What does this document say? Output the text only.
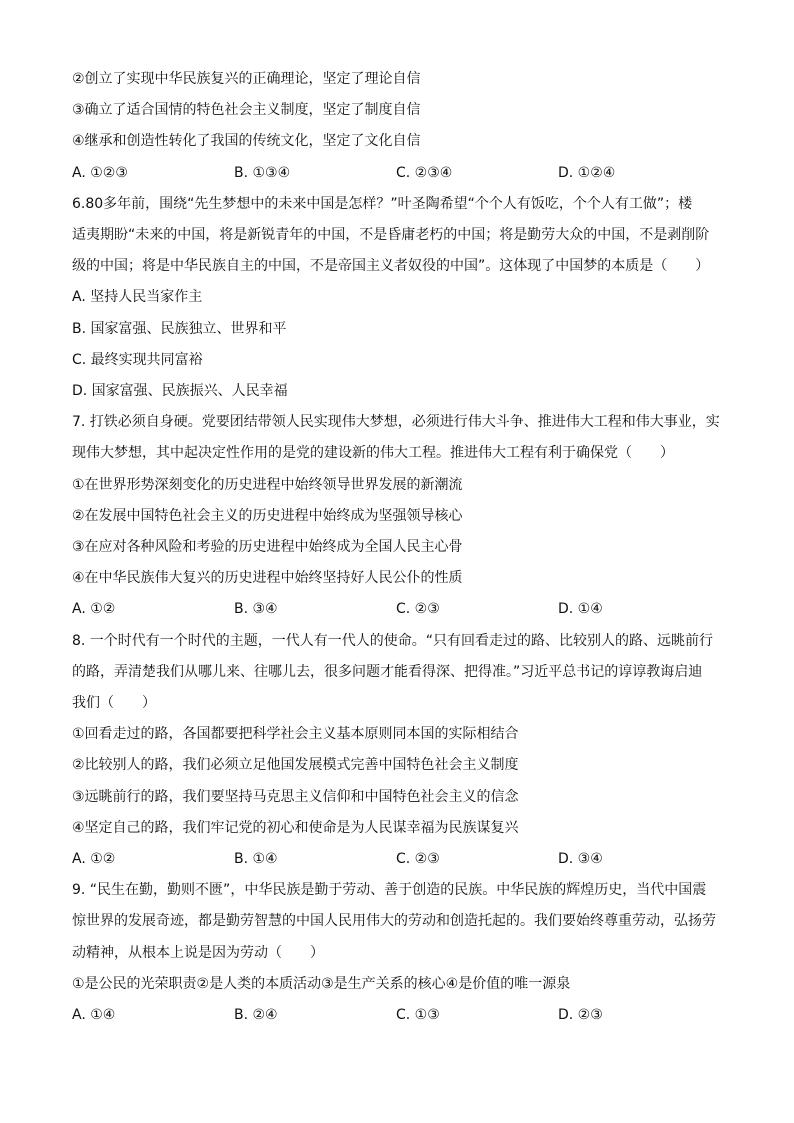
②创立了实现中华民族复兴的正确理论，坚定了理论自信
③确立了适合国情的特色社会主义制度，坚定了制度自信
④继承和创造性转化了我国的传统文化，坚定了文化自信
A. ①②③	B. ①③④	C. ②③④	D. ①②④
6.80多年前，围绕“先生梦想中的未来中国是怎样？”叶圣陶希望“个个人有饭吃，个个人有工做”；楼
适夷期盼“未来的中国，将是新锐青年的中国，不是昏庸老朽的中国；将是勤劳大众的中国，不是剥削阶
级的中国；将是中华民族自主的中国，不是帝国主义者奴役的中国”。这体现了中国梦的本质是（　　）
A. 坚持人民当家作主
B. 国家富强、民族独立、世界和平
C. 最终实现共同富裕
D. 国家富强、民族振兴、人民幸福
7. 打铁必须自身硬。党要团结带领人民实现伟大梦想，必须进行伟大斗争、推进伟大工程和伟大事业，实
现伟大梦想，其中起决定性作用的是党的建设新的伟大工程。推进伟大工程有利于确保党（　　）
①在世界形势深刻变化的历史进程中始终领导世界发展的新潮流
②在发展中国特色社会主义的历史进程中始终成为坚强领导核心
③在应对各种风险和考验的历史进程中始终成为全国人民主心骨
④在中华民族伟大复兴的历史进程中始终坚持好人民公仆的性质
A. ①②	B. ③④	C. ②③	D. ①④
8. 一个时代有一个时代的主题，一代人有一代人的使命。“只有回看走过的路、比较别人的路、远眺前行
的路，弄清楚我们从哪儿来、往哪儿去，很多问题才能看得深、把得准。”习近平总书记的谆谆教诲启迪
我们（　　）
①回看走过的路，各国都要把科学社会主义基本原则同本国的实际相结合
②比较别人的路，我们必须立足他国发展模式完善中国特色社会主义制度
③远眺前行的路，我们要坚持马克思主义信仰和中国特色社会主义的信念
④坚定自己的路，我们牢记党的初心和使命是为人民谋幸福为民族谋复兴
A. ①②	B. ①④	C. ②③	D. ③④
9. “民生在勤，勤则不匮”，中华民族是勤于劳动、善于创造的民族。中华民族的辉煌历史，当代中国震
惊世界的发展奇迹，都是勤劳智慧的中国人民用伟大的劳动和创造托起的。我们要始终尊重劳动，弘扬劳
动精神，从根本上说是因为劳动（　　）
①是公民的光荣职责②是人类的本质活动③是生产关系的核心④是价值的唯一源泉
A. ①④	B. ②④	C. ①③	D. ②③
